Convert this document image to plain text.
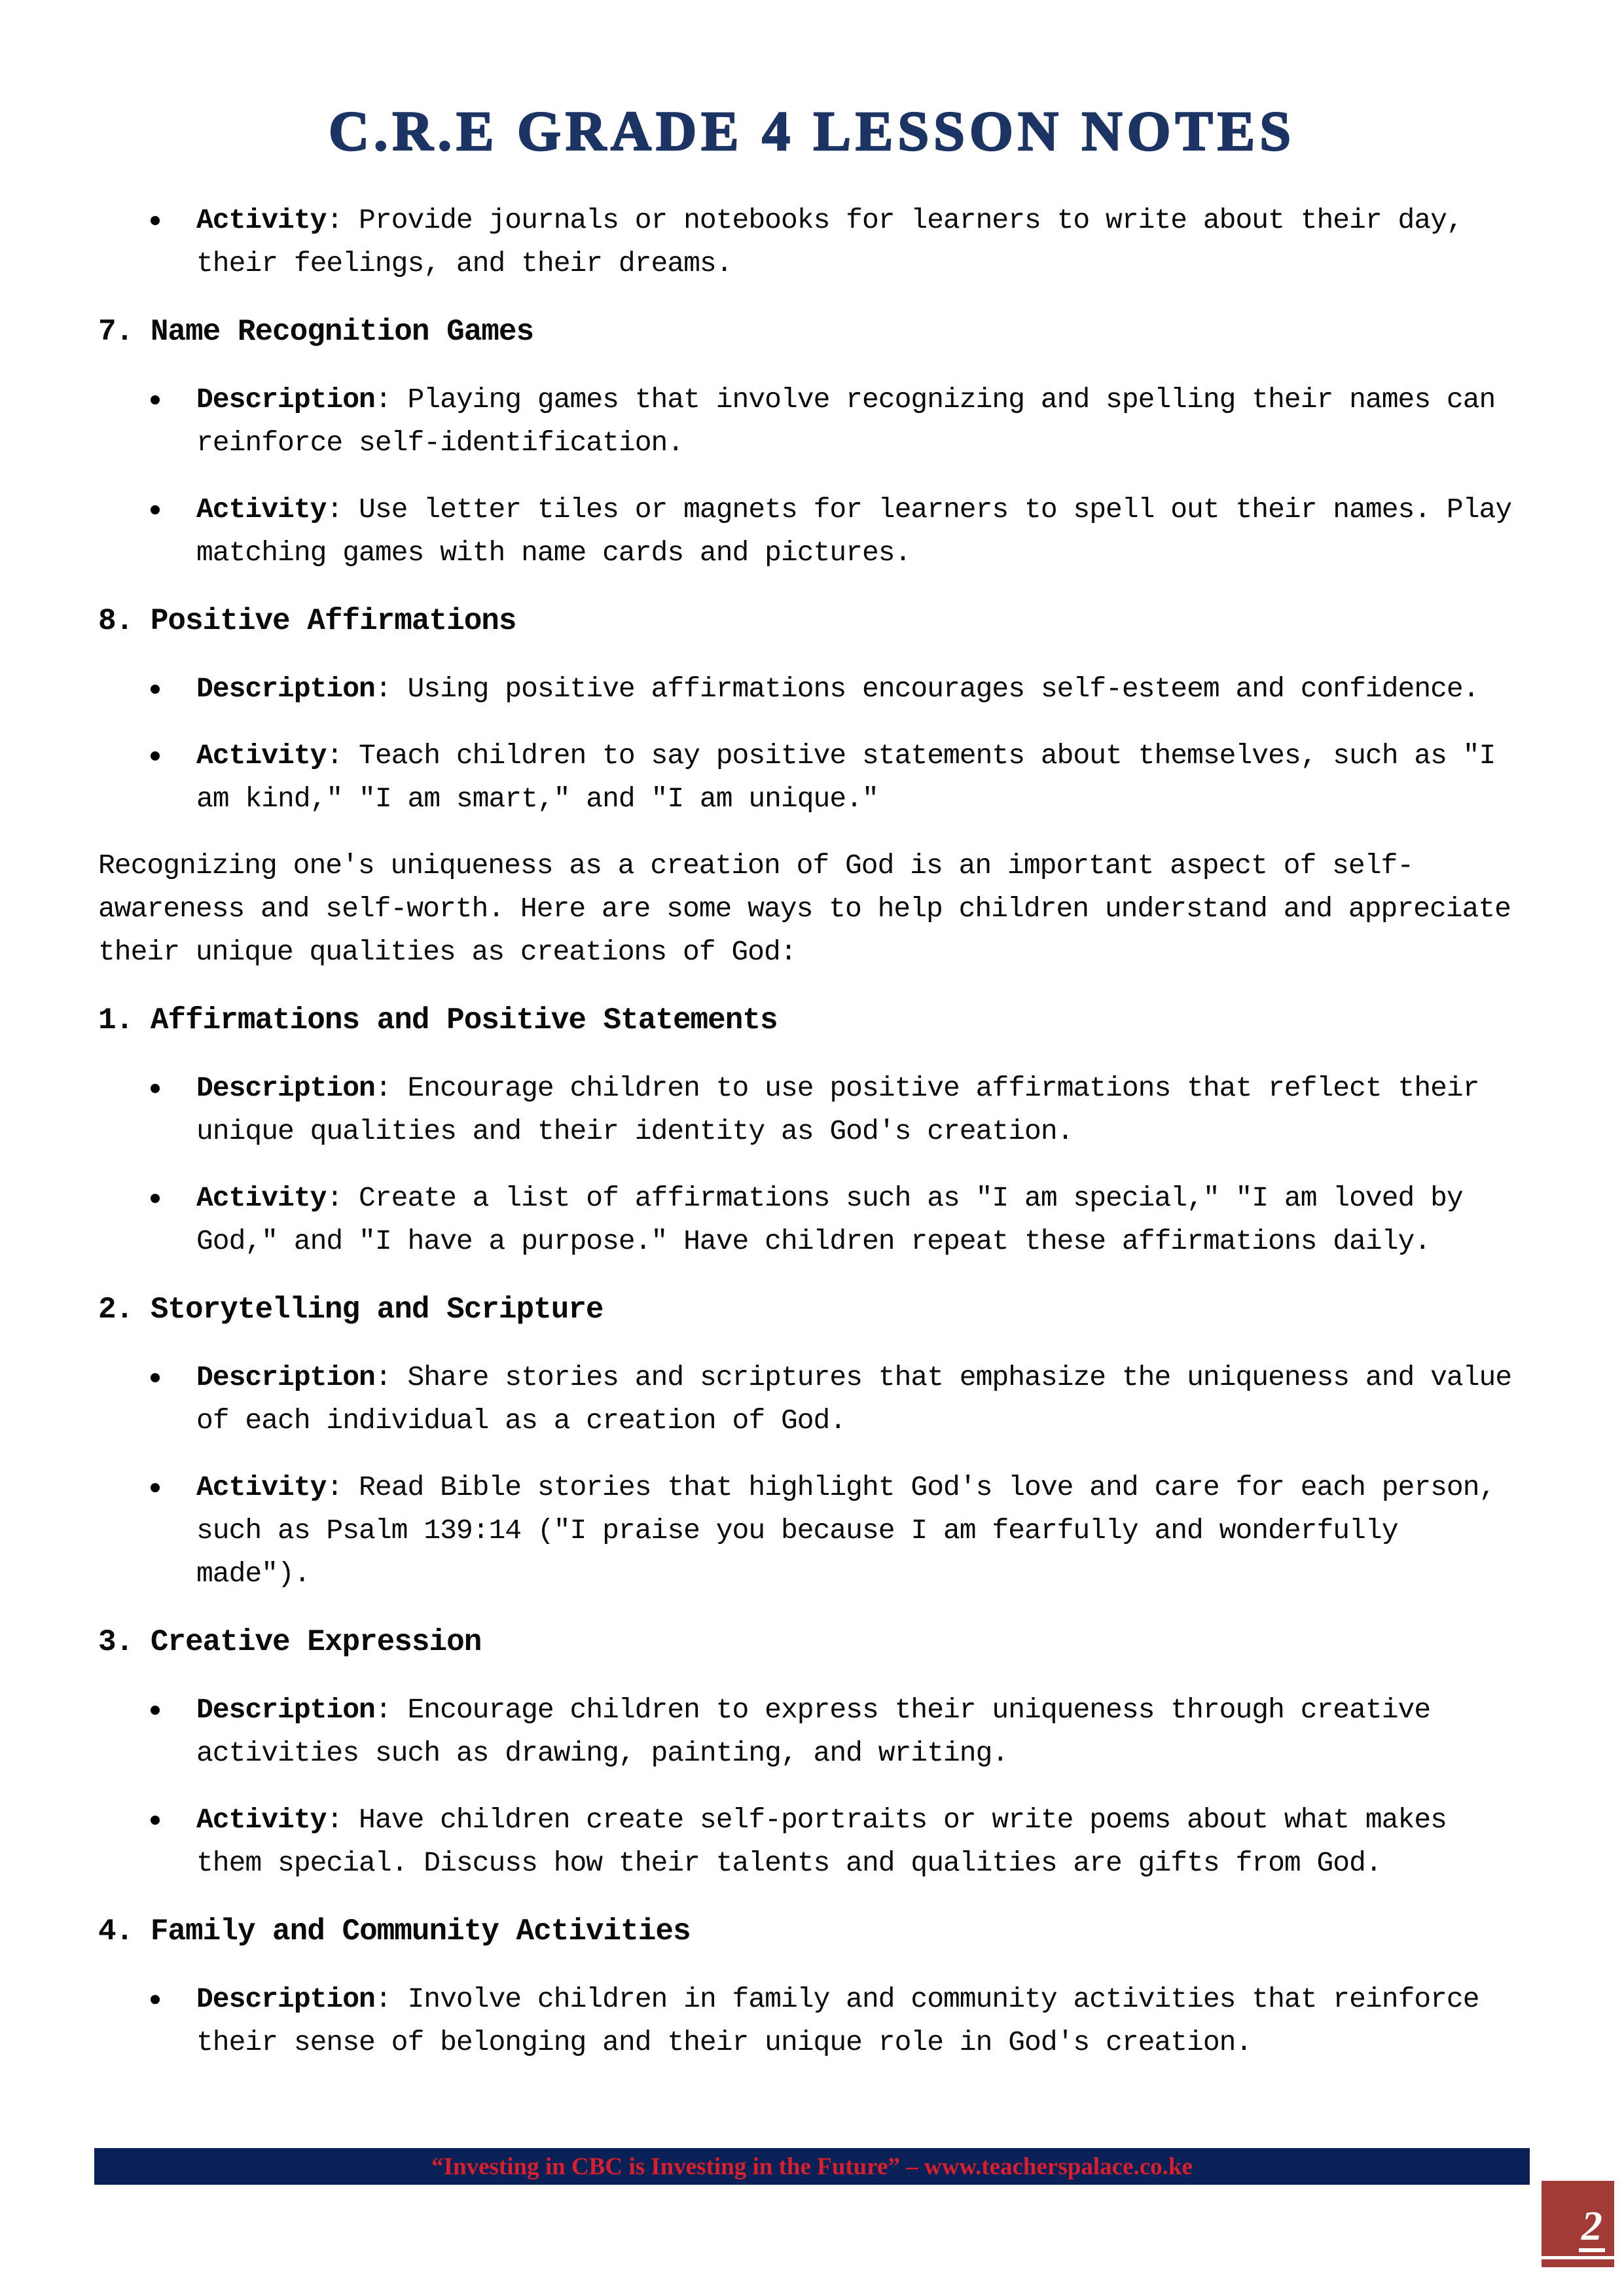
C.R.E GRADE 4 LESSON NOTES
Activity: Provide journals or notebooks for learners to write about their day, their feelings, and their dreams.
7. Name Recognition Games
Description: Playing games that involve recognizing and spelling their names can reinforce self-identification.
Activity: Use letter tiles or magnets for learners to spell out their names. Play matching games with name cards and pictures.
8. Positive Affirmations
Description: Using positive affirmations encourages self-esteem and confidence.
Activity: Teach children to say positive statements about themselves, such as "I am kind," "I am smart," and "I am unique."

Recognizing one's uniqueness as a creation of God is an important aspect of self-awareness and self-worth. Here are some ways to help children understand and appreciate their unique qualities as creations of God:

1. Affirmations and Positive Statements
Description: Encourage children to use positive affirmations that reflect their unique qualities and their identity as God's creation.
Activity: Create a list of affirmations such as "I am special," "I am loved by God," and "I have a purpose." Have children repeat these affirmations daily.
2. Storytelling and Scripture
Description: Share stories and scriptures that emphasize the uniqueness and value of each individual as a creation of God.
Activity: Read Bible stories that highlight God's love and care for each person, such as Psalm 139:14 ("I praise you because I am fearfully and wonderfully made").
3. Creative Expression
Description: Encourage children to express their uniqueness through creative activities such as drawing, painting, and writing.
Activity: Have children create self-portraits or write poems about what makes them special. Discuss how their talents and qualities are gifts from God.
4. Family and Community Activities
Description: Involve children in family and community activities that reinforce their sense of belonging and their unique role in God's creation.
“Investing in CBC is Investing in the Future” – www.teacherspalace.co.ke
2
